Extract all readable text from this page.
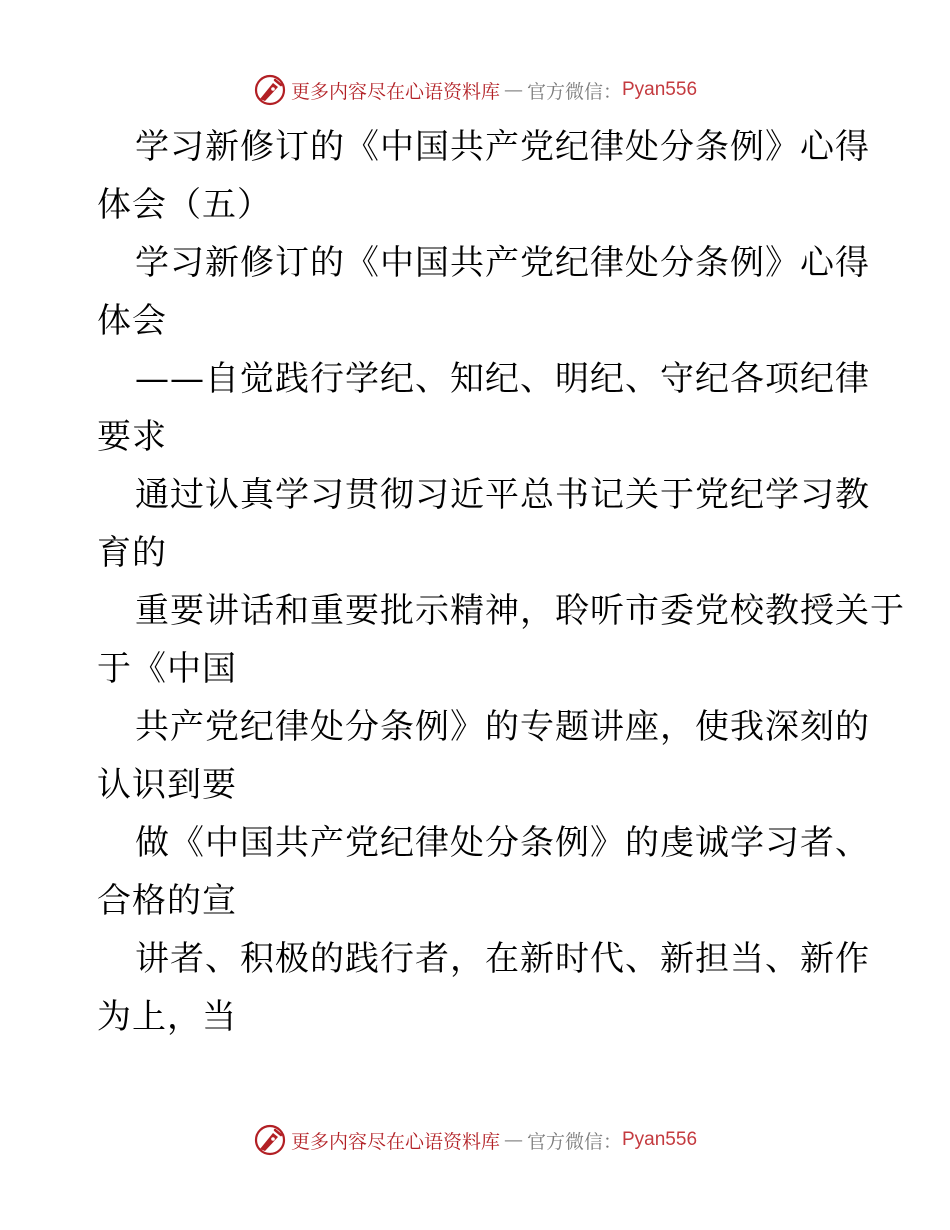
更多内容尽在心语资料库 — 官方微信： Pyan556
学习新修订的《中国共产党纪律处分条例》心得
体会（五）
学习新修订的《中国共产党纪律处分条例》心得
体会
——自觉践行学纪、知纪、明纪、守纪各项纪律
要求
通过认真学习贯彻习近平总书记关于党纪学习教
育的
重要讲话和重要批示精神，聆听市委党校教授关于
于《中国
共产党纪律处分条例》的专题讲座，使我深刻的
认识到要
做《中国共产党纪律处分条例》的虔诚学习者、
合格的宣
讲者、积极的践行者，在新时代、新担当、新作
为上，当
更多内容尽在心语资料库 — 官方微信： Pyan556
